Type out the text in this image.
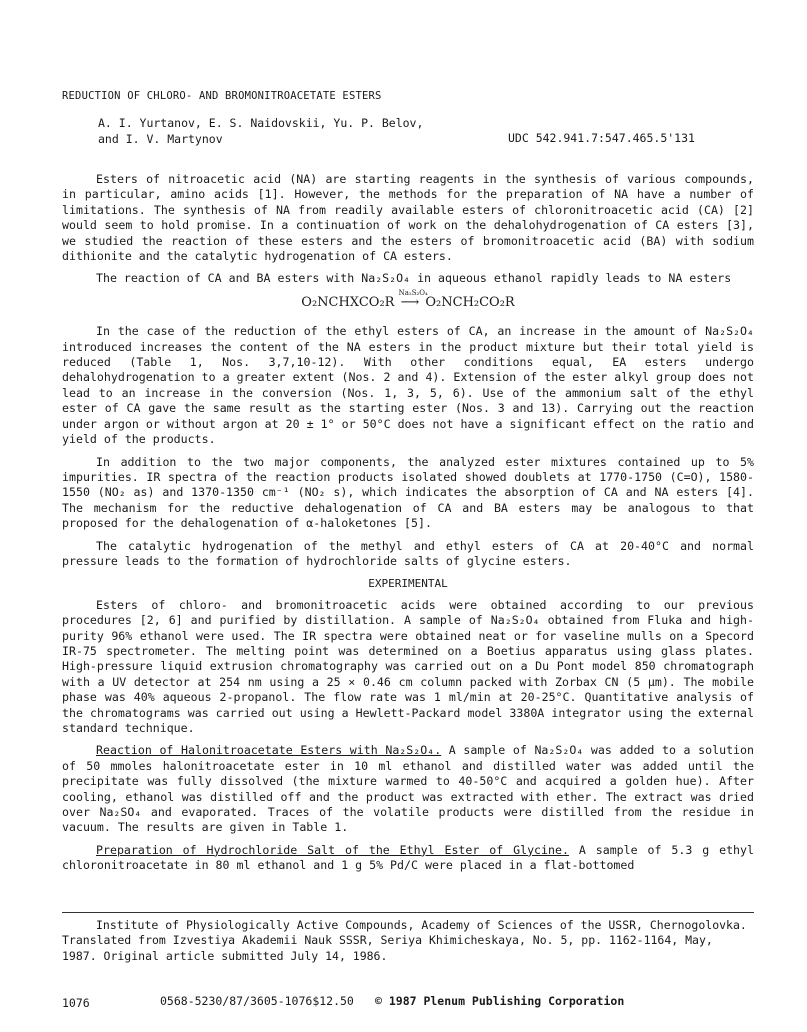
REDUCTION OF CHLORO- AND BROMONITROACETATE ESTERS
A. I. Yurtanov, E. S. Naidovskii, Yu. P. Belov,
and I. V. Martynov	UDC 542.941.7:547.465.5'131

Esters of nitroacetic acid (NA) are starting reagents in the synthesis of various compounds, in particular, amino acids [1]. However, the methods for the preparation of NA have a number of limitations. The synthesis of NA from readily available esters of chloronitroacetic acid (CA) [2] would seem to hold promise. In a continuation of work on the dehalohydrogenation of CA esters [3], we studied the reaction of these esters and the esters of bromonitroacetic acid (BA) with sodium dithionite and the catalytic hydrogenation of CA esters.

The reaction of CA and BA esters with Na₂S₂O₄ in aqueous ethanol rapidly leads to NA esters

O₂NCHXCO₂R
Na₂S₂O₄
⟶ O₂NCH₂CO₂R

In the case of the reduction of the ethyl esters of CA, an increase in the amount of Na₂S₂O₄ introduced increases the content of the NA esters in the product mixture but their total yield is reduced (Table 1, Nos. 3,7,10-12). With other conditions equal, EA esters undergo dehalohydrogenation to a greater extent (Nos. 2 and 4). Extension of the ester alkyl group does not lead to an increase in the conversion (Nos. 1, 3, 5, 6). Use of the ammonium salt of the ethyl ester of CA gave the same result as the starting ester (Nos. 3 and 13). Carrying out the reaction under argon or without argon at 20 ± 1° or 50°C does not have a significant effect on the ratio and yield of the products.

In addition to the two major components, the analyzed ester mixtures contained up to 5% impurities. IR spectra of the reaction products isolated showed doublets at 1770-1750 (C=O), 1580-1550 (NO₂ as) and 1370-1350 cm⁻¹ (NO₂ s), which indicates the absorption of CA and NA esters [4]. The mechanism for the reductive dehalogenation of CA and BA esters may be analogous to that proposed for the dehalogenation of α-haloketones [5].

The catalytic hydrogenation of the methyl and ethyl esters of CA at 20-40°C and normal pressure leads to the formation of hydrochloride salts of glycine esters.

EXPERIMENTAL

Esters of chloro- and bromonitroacetic acids were obtained according to our previous procedures [2, 6] and purified by distillation. A sample of Na₂S₂O₄ obtained from Fluka and high-purity 96% ethanol were used. The IR spectra were obtained neat or for vaseline mulls on a Specord IR-75 spectrometer. The melting point was determined on a Boetius apparatus using glass plates. High-pressure liquid extrusion chromatography was carried out on a Du Pont model 850 chromatograph with a UV detector at 254 nm using a 25 × 0.46 cm column packed with Zorbax CN (5 μm). The mobile phase was 40% aqueous 2-propanol. The flow rate was 1 ml/min at 20-25°C. Quantitative analysis of the chromatograms was carried out using a Hewlett-Packard model 3380A integrator using the external standard technique.

Reaction of Halonitroacetate Esters with Na₂S₂O₄. A sample of Na₂S₂O₄ was added to a solution of 50 mmoles halonitroacetate ester in 10 ml ethanol and distilled water was added until the precipitate was fully dissolved (the mixture warmed to 40-50°C and acquired a golden hue). After cooling, ethanol was distilled off and the product was extracted with ether. The extract was dried over Na₂SO₄ and evaporated. Traces of the volatile products were distilled from the residue in vacuum. The results are given in Table 1.

Preparation of Hydrochloride Salt of the Ethyl Ester of Glycine. A sample of 5.3 g ethyl chloronitroacetate in 80 ml ethanol and 1 g 5% Pd/C were placed in a flat-bottomed

Institute of Physiologically Active Compounds, Academy of Sciences of the USSR, Chernogolovka. Translated from Izvestiya Akademii Nauk SSSR, Seriya Khimicheskaya, No. 5, pp. 1162-1164, May, 1987. Original article submitted July 14, 1986.

1076	0568-5230/87/3605-1076$12.50 © 1987 Plenum Publishing Corporation
